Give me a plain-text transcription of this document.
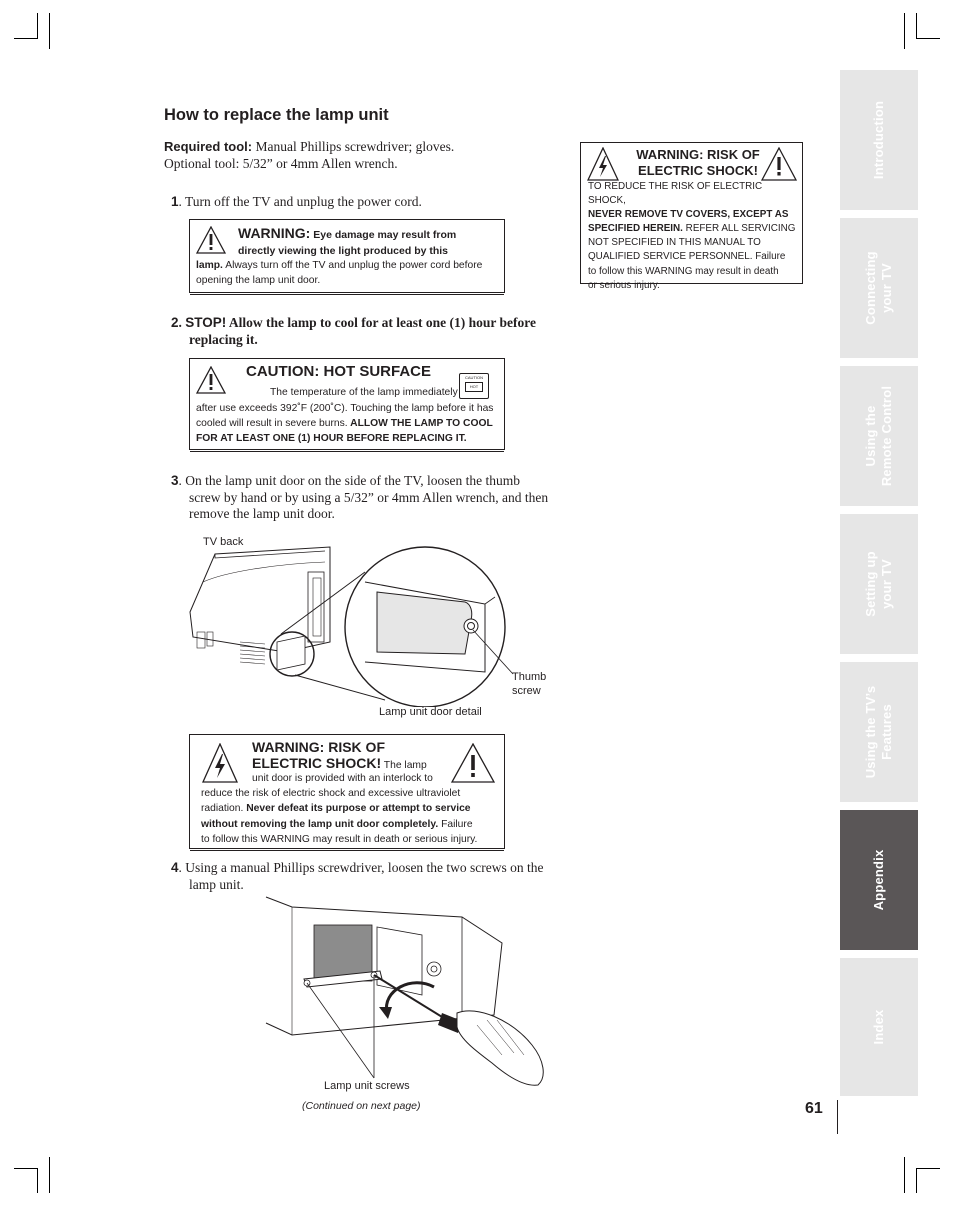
Introduction
Connecting
your TV
Using the
Remote Control
Setting up
your TV
Using the TV’s
Features
Appendix
Index
61
How to replace the lamp unit
Required tool: Manual Phillips screwdriver; gloves.
Optional tool: 5/32” or 4mm Allen wrench.
1. Turn off the TV and unplug the power cord.
WARNING: Eye damage may result from
directly viewing the light produced by this
lamp. Always turn off the TV and unplug the power cord before
opening the lamp unit door.
2. STOP! Allow the lamp to cool for at least one (1) hour before
replacing it.
CAUTION: HOT SURFACE	CAUTION
HOT
The temperature of the lamp immediately
after use exceeds 392˚F (200˚C). Touching the lamp before it has
cooled will result in severe burns. ALLOW THE LAMP TO COOL
FOR AT LEAST ONE (1) HOUR BEFORE REPLACING IT.
3. On the lamp unit door on the side of the TV, loosen the thumb
screw by hand or by using a 5/32” or 4mm Allen wrench, and then
remove the lamp unit door.
TV back
Thumb
screw
Lamp unit door detail
WARNING: RISK OF
ELECTRIC SHOCK! The lamp
unit door is provided with an interlock to
reduce the risk of electric shock and excessive ultraviolet
radiation. Never defeat its purpose or attempt to service
without removing the lamp unit door completely. Failure
to follow this WARNING may result in death or serious injury.
4. Using a manual Phillips screwdriver, loosen the two screws on the
lamp unit.
Lamp unit screws
(Continued on next page)
WARNING: RISK OF
ELECTRIC SHOCK!
TO REDUCE THE RISK OF ELECTRIC SHOCK,
NEVER REMOVE TV COVERS, EXCEPT AS
SPECIFIED HEREIN. REFER ALL SERVICING
NOT SPECIFIED IN THIS MANUAL TO
QUALIFIED SERVICE PERSONNEL. Failure
to follow this WARNING may result in death
or serious injury.
